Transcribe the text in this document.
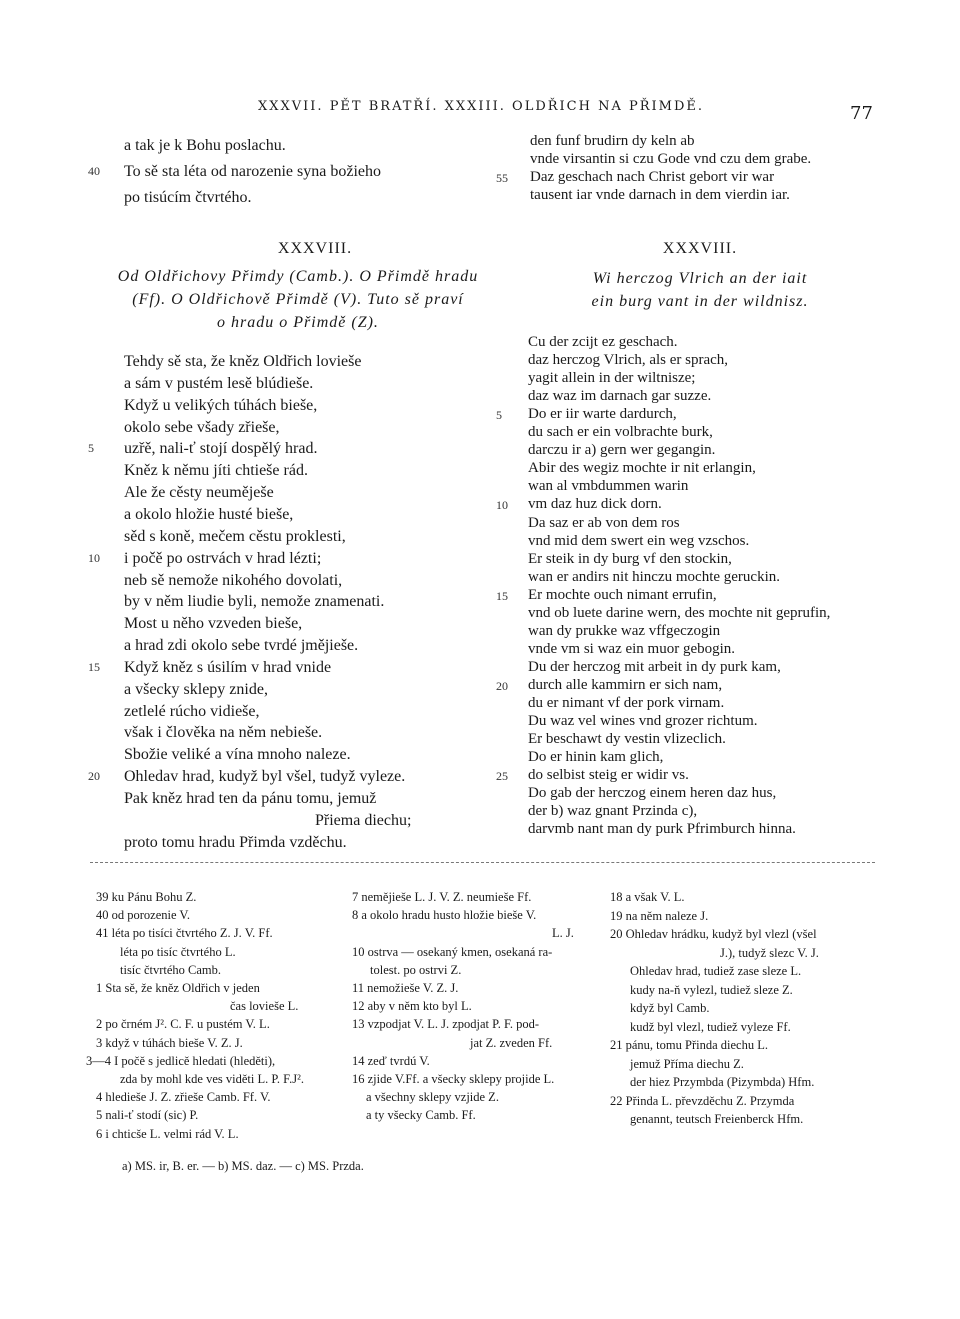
XXXVII. PĚT BRATŘÍ. XXXIII. OLDŘICH NA PŘIMDĚ.	77
a tak je k Bohu poslachu.
40 To sě sta léta od narozenie syna božieho
po tisúcím čtvrtého.
den funf brudirn dy keln ab
vnde virsantin si czu Gode vnd czu dem grabe.
55 Daz geschach nach Christ gebort vir war
tausent iar vnde darnach in dem vierdin iar.
XXXVIII.
Od Oldřichovy Přimdy (Camb.). O Přimdě hradu
(Ff). O Oldřichově Přimdě (V). Tuto sě praví
o hradu o Přimdě (Z).
XXXVIII.
Wi herczog Vlrich an der iait
ein burg vant in der wildnisz.
Tehdy sě sta, že kněz Oldřich lovieše
a sám v pustém lesě blúdieše.
Když u velikých túhách bieše,
okolo sebe všady zřieše,
5 uzřě, nali-ť stojí dospělý hrad.
Kněz k němu jíti chtieše rád.
Ale že cěsty neuměješe
a okolo hložie husté bieše,
sěd s koně, mečem cěstu proklesti,
10 i počě po ostrvách v hrad lézti;
neb sě nemože nikohého dovolati,
by v něm liudie byli, nemože znamenati.
Most u něho vzveden bieše,
a hrad zdi okolo sebe tvrdé jmějieše.
15 Když kněz s úsilím v hrad vnide
a všecky sklepy znide,
zetlelé rúcho vidieše,
však i člověka na něm nebieše.
Sbožie veliké a vína mnoho naleze.
20 Ohledav hrad, kudyž byl všel, tudyž vyleze.
Pak kněz hrad ten da pánu tomu, jemuž
Přiema diechu;
proto tomu hradu Přimda vzděchu.
Cu der zcijt ez geschach.
daz herczog Vlrich, als er sprach,
yagit allein in der wiltnisze;
daz waz im darnach gar suzze.
5 Do er iir warte dardurch,
du sach er ein volbrachte burk,
darczu ir a) gern wer gegangin.
Abir des wegiz mochte ir nit erlangin,
wan al vmbdummen warin
10 vm daz huz dick dorn.
Da saz er ab von dem ros
vnd mid dem swert ein weg vzschos.
Er steik in dy burg vf den stockin,
wan er andirs nit hinczu mochte geruckin.
15 Er mochte ouch nimant errufin,
vnd ob luete darine wern, des mochte nit geprufin,
wan dy prukke waz vffgeczogin
vnde vm si waz ein muor gebogin.
Du der herczog mit arbeit in dy purk kam,
20 durch alle kammirn er sich nam,
du er nimant vf der pork virnam.
Du waz vel wines vnd grozer richtum.
Er beschawt dy vestin vlizeclich.
Do er hinin kam glich,
25 do selbist steig er widir vs.
Do gab der herczog einem heren daz hus,
der b) waz gnant Przinda c),
darvmb nant man dy purk Pfrimburch hinna.
39 ku Pánu Bohu Z.
40 od porozenie V.
41 léta po tisíci čtvrtého Z. J. V. Ff.
léta po tisíc čtvrtého L.
tisíc čtvrtého Camb.
1 Sta sě, že kněz Oldřich v jeden
čas lovieše L.
2 po črném J². C. F. u pustém V. L.
3 když v túhách bieše V. Z. J.
3—4 I počě s jedlicě hledati (hleděti),
zda by mohl kde ves viděti L. P. F.J².
4 hledieše J. Z. zřieše Camb. Ff. V.
5 nali-ť stodí (sic) P.
6 i chticše L. velmi rád V. L.
7 nemějieše L. J. V. Z. neumieše Ff.
8 a okolo hradu husto hložie bieše V.
L. J.
10 ostrva — osekaný kmen, osekaná ra-
tolest. po ostrvi Z.
11 nemožieše V. Z. J.
12 aby v něm kto byl L.
13 vzpodjat V. L. J. zpodjat P. F. pod-
jat Z. zveden Ff.
14 zeď tvrdú V.
16 zjide V.Ff. a všecky sklepy projide L.
a všechny sklepy vzjide Z.
a ty všecky Camb. Ff.
18 a však V. L.
19 na něm naleze J.
20 Ohledav hrádku, kudyž byl vlezl (všel
J.), tudyž slezc V. J.
Ohledav hrad, tudiež zase sleze L.
kudy na-ň vylezl, tudiež sleze Z.
když byl Camb.
kudž byl vlezl, tudiež vyleze Ff.
21 pánu, tomu Přinda diechu L.
jemuž Příma diechu Z.
der hiez Przymbda (Pizymbda) Hfm.
22 Přinda L. převzděchu Z. Przymda
genannt, teutsch Freienberck Hfm.
a) MS. ir, B. er. — b) MS. daz. — c) MS. Przda.
